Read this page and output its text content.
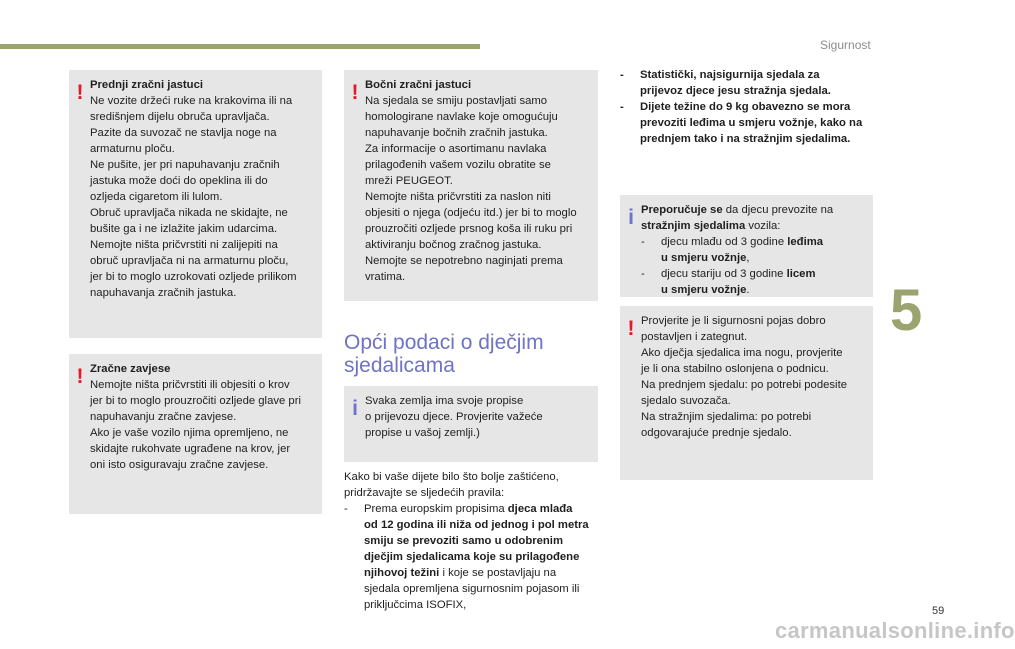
Sigurnost
5
! Prednji zračni jastuci

Ne vozite držeći ruke na krakovima ili na

središnjem dijelu obruča upravljača.

Pazite da suvozač ne stavlja noge na

armaturnu ploču.

Ne pušite, jer pri napuhavanju zračnih

jastuka može doći do opeklina ili do

ozljeda cigaretom ili lulom.

Obruč upravljača nikada ne skidajte, ne

bušite ga i ne izlažite jakim udarcima.

Nemojte ništa pričvrstiti ni zalijepiti na

obruč upravljača ni na armaturnu ploču,

jer bi to moglo uzrokovati ozljede prilikom

napuhavanja zračnih jastuka.

! Zračne zavjese

Nemojte ništa pričvrstiti ili objesiti o krov

jer bi to moglo prouzročiti ozljede glave pri

napuhavanju zračne zavjese.

Ako je vaše vozilo njima opremljeno, ne

skidajte rukohvate ugrađene na krov, jer

oni isto osiguravaju zračne zavjese.

! Bočni zračni jastuci

Na sjedala se smiju postavljati samo

homologirane navlake koje omogućuju

napuhavanje bočnih zračnih jastuka.

Za informacije o asortimanu navlaka

prilagođenih vašem vozilu obratite se

mreži PEUGEOT.

Nemojte ništa pričvrstiti za naslon niti

objesiti o njega (odjeću itd.) jer bi to moglo

prouzročiti ozljede prsnog koša ili ruku pri

aktiviranju bočnog zračnog jastuka.

Nemojte se nepotrebno naginjati prema

vratima.

Opći podaci o dječjim
sjedalicama
i Svaka zemlja ima svoje propise

o prijevozu djece. Provjerite važeće

propise u vašoj zemlji.)

Kako bi vaše dijete bilo što bolje zaštićeno,

pridržavajte se sljedećih pravila:

- Prema europskim propisima djeca mlađa

od 12 godina ili niža od jednog i pol metra

smiju se prevoziti samo u odobrenim

dječjim sjedalicama koje su prilagođene

njihovoj težini i koje se postavljaju na

sjedala opremljena sigurnosnim pojasom ili

priključcima ISOFIX,

- Statistički, najsigurnija sjedala za

prijevoz djece jesu stražnja sjedala.

- Dijete težine do 9 kg obavezno se mora

prevoziti leđima u smjeru vožnje, kako na

prednjem tako i na stražnjim sjedalima.

i Preporučuje se da djecu prevozite na

stražnjim sjedalima vozila:

- djecu mlađu od 3 godine leđima

u smjeru vožnje,

- djecu stariju od 3 godine licem

u smjeru vožnje.

! Provjerite je li sigurnosni pojas dobro

postavljen i zategnut.

Ako dječja sjedalica ima nogu, provjerite

je li ona stabilno oslonjena o podnicu.

Na prednjem sjedalu: po potrebi podesite

sjedalo suvozača.

Na stražnjim sjedalima: po potrebi

odgovarajuće prednje sjedalo.

59
carmanualsonline.info
